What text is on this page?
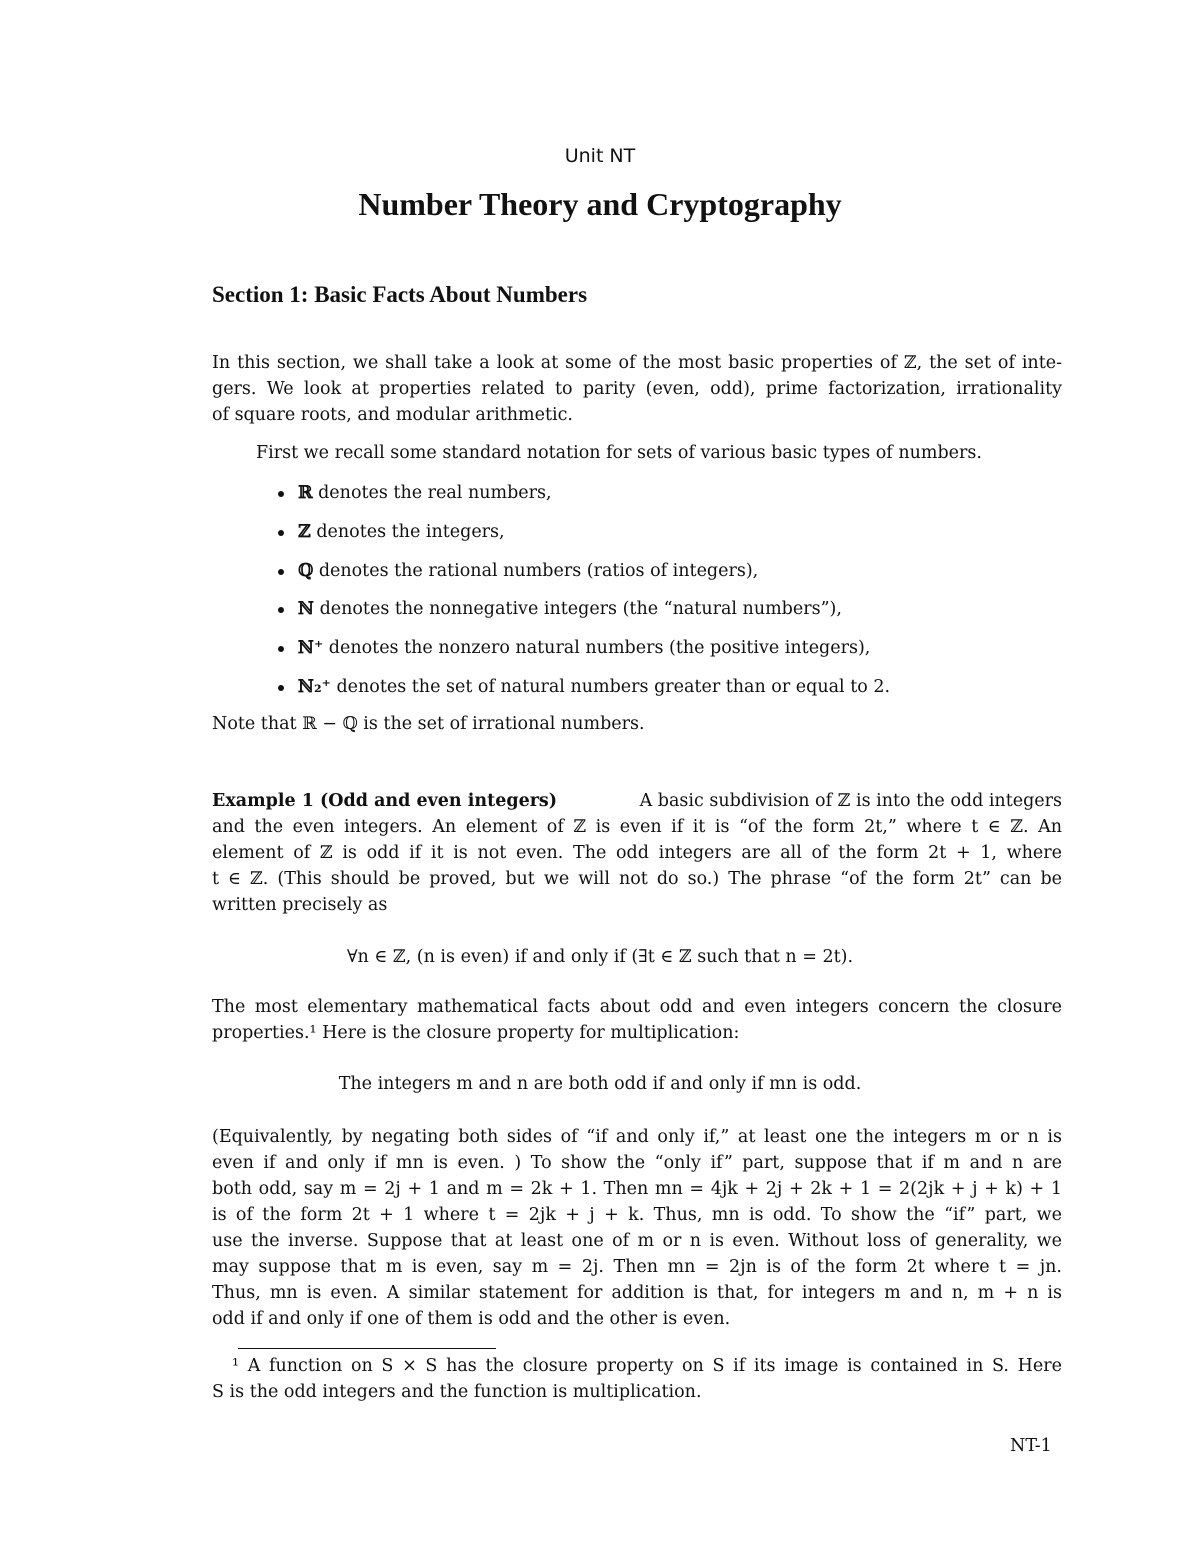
Unit NT
Number Theory and Cryptography
Section 1: Basic Facts About Numbers
In this section, we shall take a look at some of the most basic properties of ℤ, the set of inte-
gers. We look at properties related to parity (even, odd), prime factorization, irrationality
of square roots, and modular arithmetic.
First we recall some standard notation for sets of various basic types of numbers.
ℝ denotes the real numbers,
ℤ denotes the integers,
ℚ denotes the rational numbers (ratios of integers),
ℕ denotes the nonnegative integers (the “natural numbers”),
ℕ⁺ denotes the nonzero natural numbers (the positive integers),
ℕ₂⁺ denotes the set of natural numbers greater than or equal to 2.
Note that ℝ − ℚ is the set of irrational numbers.
Example 1 (Odd and even integers)	A basic subdivision of ℤ is into the odd integers
and the even integers. An element of ℤ is even if it is “of the form 2t,” where t ∈ ℤ. An
element of ℤ is odd if it is not even. The odd integers are all of the form 2t + 1, where
t ∈ ℤ. (This should be proved, but we will not do so.) The phrase “of the form 2t” can be
written precisely as
∀n ∈ ℤ, (n is even) if and only if (∃t ∈ ℤ such that n = 2t).
The most elementary mathematical facts about odd and even integers concern the closure
properties.¹ Here is the closure property for multiplication:
The integers m and n are both odd if and only if mn is odd.
(Equivalently, by negating both sides of “if and only if,” at least one the integers m or n is
even if and only if mn is even. ) To show the “only if” part, suppose that if m and n are
both odd, say m = 2j + 1 and m = 2k + 1. Then mn = 4jk + 2j + 2k + 1 = 2(2jk + j + k) + 1
is of the form 2t + 1 where t = 2jk + j + k. Thus, mn is odd. To show the “if” part, we
use the inverse. Suppose that at least one of m or n is even. Without loss of generality, we
may suppose that m is even, say m = 2j. Then mn = 2jn is of the form 2t where t = jn.
Thus, mn is even. A similar statement for addition is that, for integers m and n, m + n is
odd if and only if one of them is odd and the other is even.
¹ A function on S × S has the closure property on S if its image is contained in S. Here
S is the odd integers and the function is multiplication.
NT-1
